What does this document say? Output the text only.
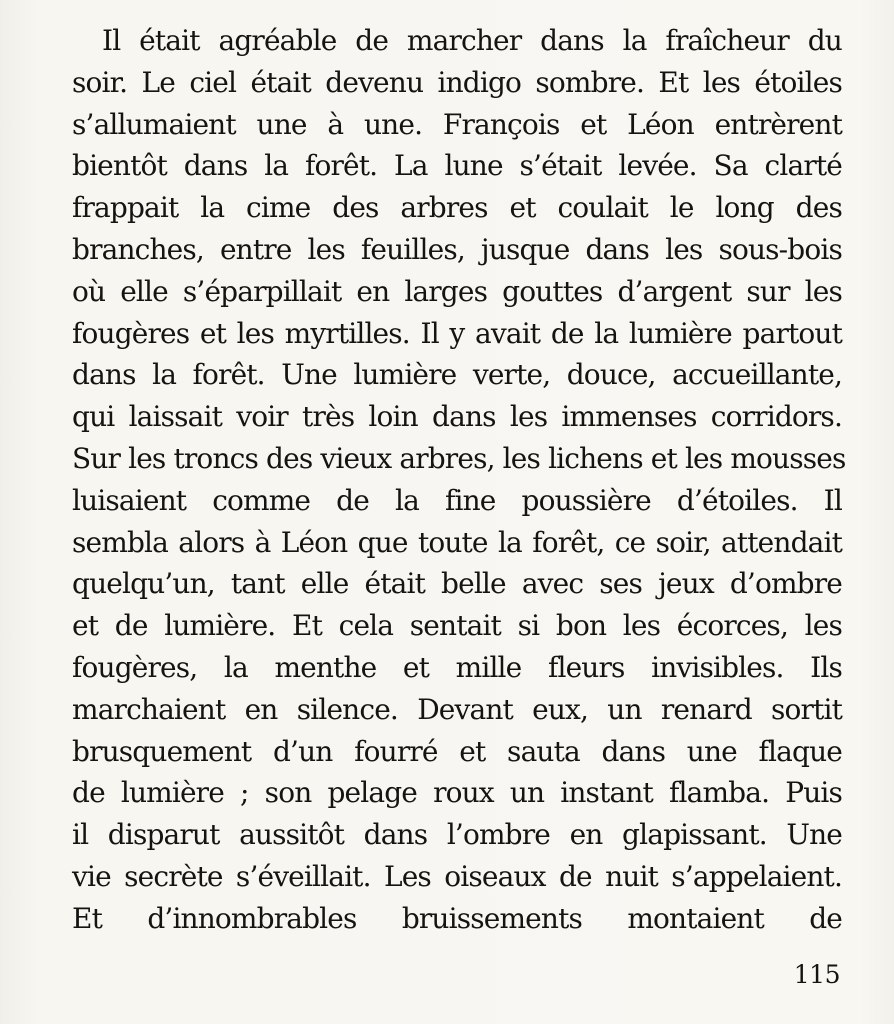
Il était agréable de marcher dans la fraîcheur du
soir. Le ciel était devenu indigo sombre. Et les étoiles
s’allumaient une à une. François et Léon entrèrent
bientôt dans la forêt. La lune s’était levée. Sa clarté
frappait la cime des arbres et coulait le long des
branches, entre les feuilles, jusque dans les sous-bois
où elle s’éparpillait en larges gouttes d’argent sur les
fougères et les myrtilles. Il y avait de la lumière partout
dans la forêt. Une lumière verte, douce, accueillante,
qui laissait voir très loin dans les immenses corridors.
Sur les troncs des vieux arbres, les lichens et les mousses
luisaient comme de la fine poussière d’étoiles. Il
sembla alors à Léon que toute la forêt, ce soir, attendait
quelqu’un, tant elle était belle avec ses jeux d’ombre
et de lumière. Et cela sentait si bon les écorces, les
fougères, la menthe et mille fleurs invisibles. Ils
marchaient en silence. Devant eux, un renard sortit
brusquement d’un fourré et sauta dans une flaque
de lumière ; son pelage roux un instant flamba. Puis
il disparut aussitôt dans l’ombre en glapissant. Une
vie secrète s’éveillait. Les oiseaux de nuit s’appelaient.
Et d’innombrables bruissements montaient de
115
